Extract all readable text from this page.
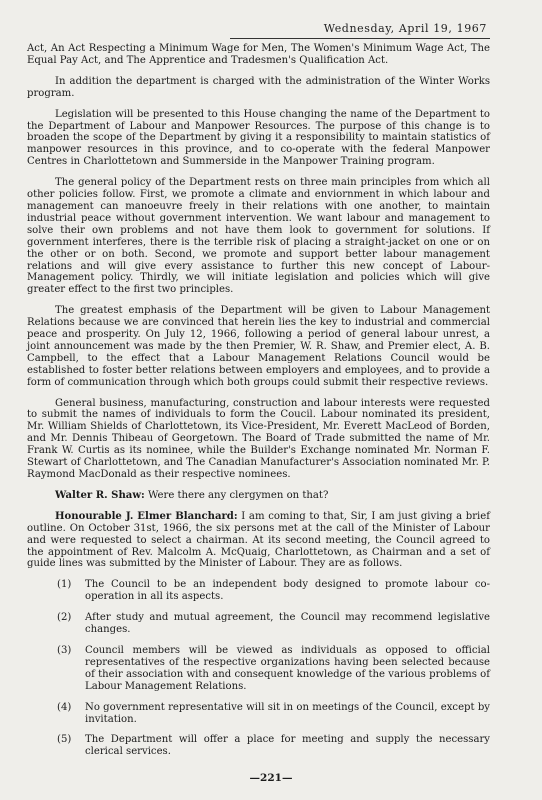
Wednesday, April 19, 1967

Act, An Act Respecting a Minimum Wage for Men, The Women's Minimum Wage Act, The Equal Pay Act, and The Apprentice and Tradesmen's Qualification Act.

In addition the department is charged with the administration of the Winter Works program.

Legislation will be presented to this House changing the name of the Department to the Department of Labour and Manpower Resources. The purpose of this change is to broaden the scope of the Department by giving it a responsibility to maintain statistics of manpower resources in this province, and to co-operate with the federal Manpower Centres in Charlottetown and Summerside in the Manpower Training program.

The general policy of the Department rests on three main principles from which all other policies follow. First, we promote a climate and enviornment in which labour and management can manoeuvre freely in their relations with one another, to maintain industrial peace without government intervention. We want labour and management to solve their own problems and not have them look to government for solutions. If government interferes, there is the terrible risk of placing a straight-jacket on one or on the other or on both. Second, we promote and support better labour management relations and will give every assistance to further this new concept of Labour-Management policy. Thirdly, we will initiate legislation and policies which will give greater effect to the first two principles.

The greatest emphasis of the Department will be given to Labour Management Relations because we are convinced that herein lies the key to industrial and commercial peace and prosperity. On July 12, 1966, following a period of general labour unrest, a joint announcement was made by the then Premier, W. R. Shaw, and Premier elect, A. B. Campbell, to the effect that a Labour Management Relations Council would be established to foster better relations between employers and employees, and to provide a form of communication through which both groups could submit their respective reviews.

General business, manufacturing, construction and labour interests were requested to submit the names of individuals to form the Coucil. Labour nominated its president, Mr. William Shields of Charlottetown, its Vice-President, Mr. Everett MacLeod of Borden, and Mr. Dennis Thibeau of Georgetown. The Board of Trade submitted the name of Mr. Frank W. Curtis as its nominee, while the Builder's Exchange nominated Mr. Norman F. Stewart of Charlottetown, and The Canadian Manufacturer's Association nominated Mr. P. Raymond MacDonald as their respective nominees.

Walter R. Shaw: Were there any clergymen on that?

Honourable J. Elmer Blanchard: I am coming to that, Sir, I am just giving a brief outline. On October 31st, 1966, the six persons met at the call of the Minister of Labour and were requested to select a chairman. At its second meeting, the Council agreed to the appointment of Rev. Malcolm A. McQuaig, Charlottetown, as Chairman and a set of guide lines was submitted by the Minister of Labour. They are as follows.

(1)	The Council to be an independent body designed to promote labour co-operation in all its aspects.
(2)	After study and mutual agreement, the Council may recommend legislative changes.
(3)	Council members will be viewed as individuals as opposed to official representatives of the respective organizations having been selected because of their association with and consequent knowledge of the various problems of Labour Management Relations.
(4)	No government representative will sit in on meetings of the Council, except by invitation.
(5)	The Department will offer a place for meeting and supply the necessary clerical services.
—221—
